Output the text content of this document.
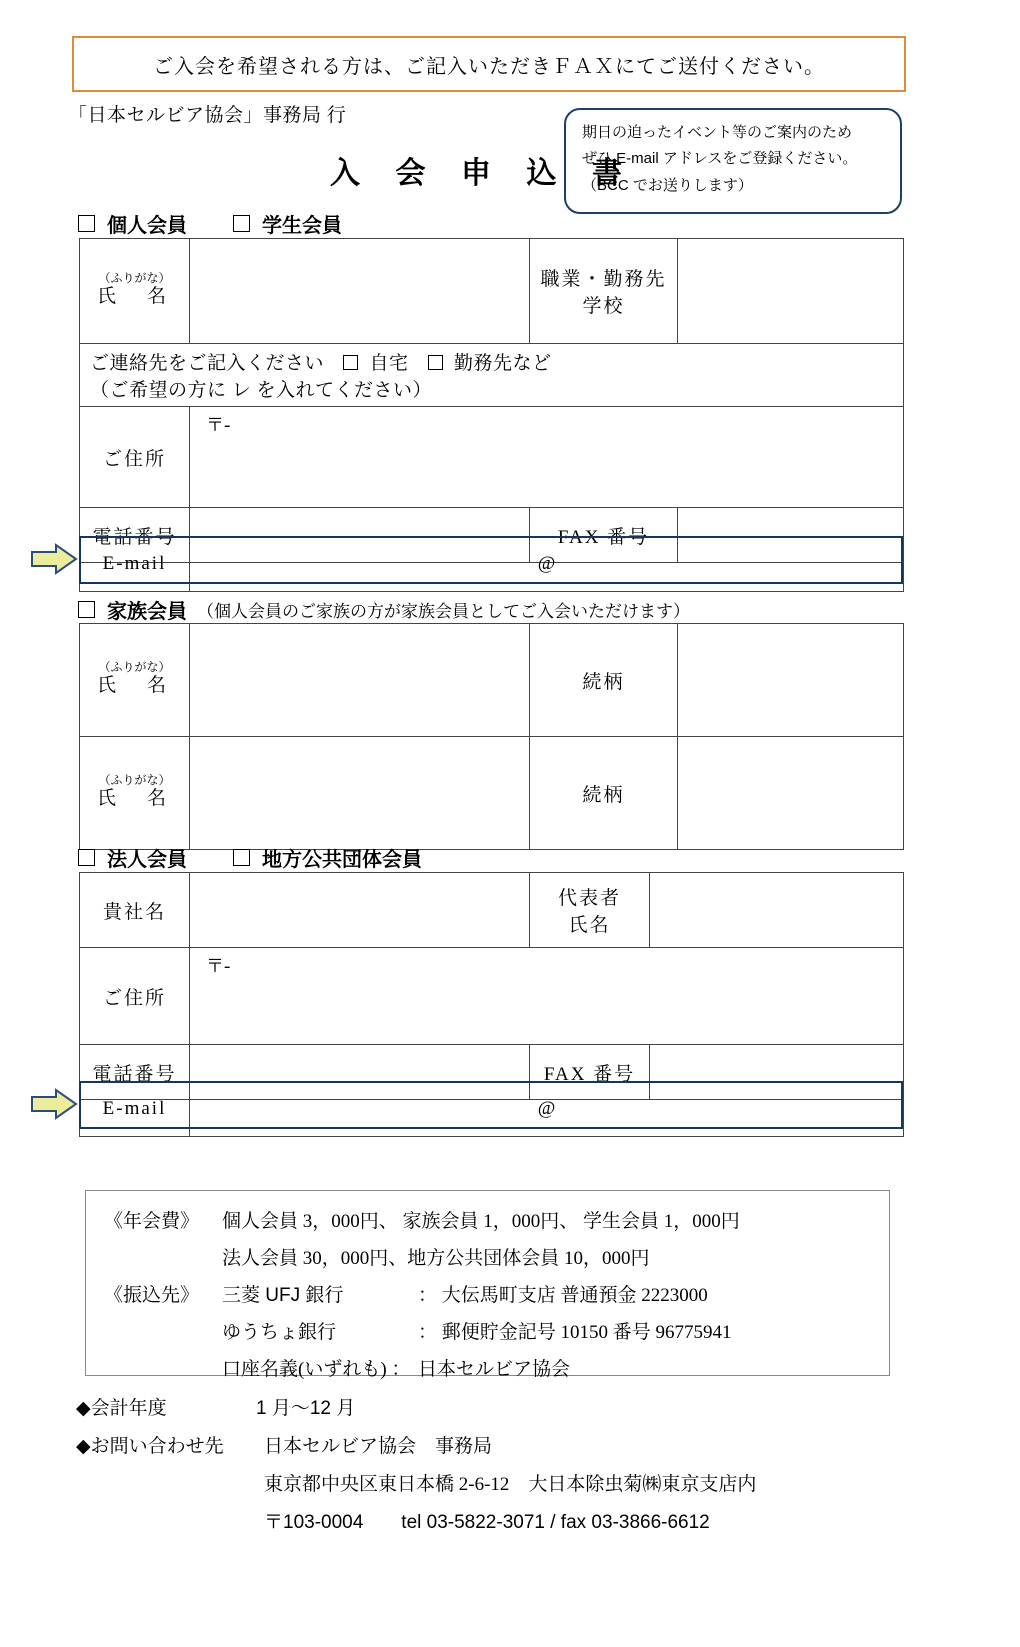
ご入会を希望される方は、ご記入いただきＦＡＸにてご送付ください。
「日本セルビア協会」事務局 行
期日の迫ったイベント等のご案内のため
ぜひ E-mail アドレスをご登録ください。
（BCC でお送りします）
入 会 申 込 書
個人会員	学生会員
（ふりがな）
氏　名		職業・勤務先
学校	

ご連絡先をご記入ください 自宅 勤務先など （ご希望の方に レ を入れてください）			
ご住所	〒-		
電話番号		FAX 番号	
E-mail	@
家族会員 （個人会員のご家族の方が家族会員としてご入会いただけます）
（ふりがな）
氏　名		続柄	

（ふりがな）
氏　名		続柄	
法人会員	地方公共団体会員
貴社名		代表者
氏名	

ご住所	〒-		
電話番号		FAX 番号	
E-mail	@
《年会費》 個人会員 3，000円、 家族会員 1，000円、 学生会員 1，000円
法人会員 30，000円、地方公共団体会員 10，000円
《振込先》 三菱 UFJ 銀行	： 大伝馬町支店 普通預金 2223000
ゆうちょ銀行	： 郵便貯金記号 10150 番号 96775941
口座名義(いずれも) ： 日本セルビア協会
◆会計年度	1 月～12 月
◆お問い合わせ先 日本セルビア協会　事務局
東京都中央区東日本橋 2-6-12　大日本除虫菊㈱東京支店内
〒103-0004　　tel 03-5822-3071 / fax 03-3866-6612
